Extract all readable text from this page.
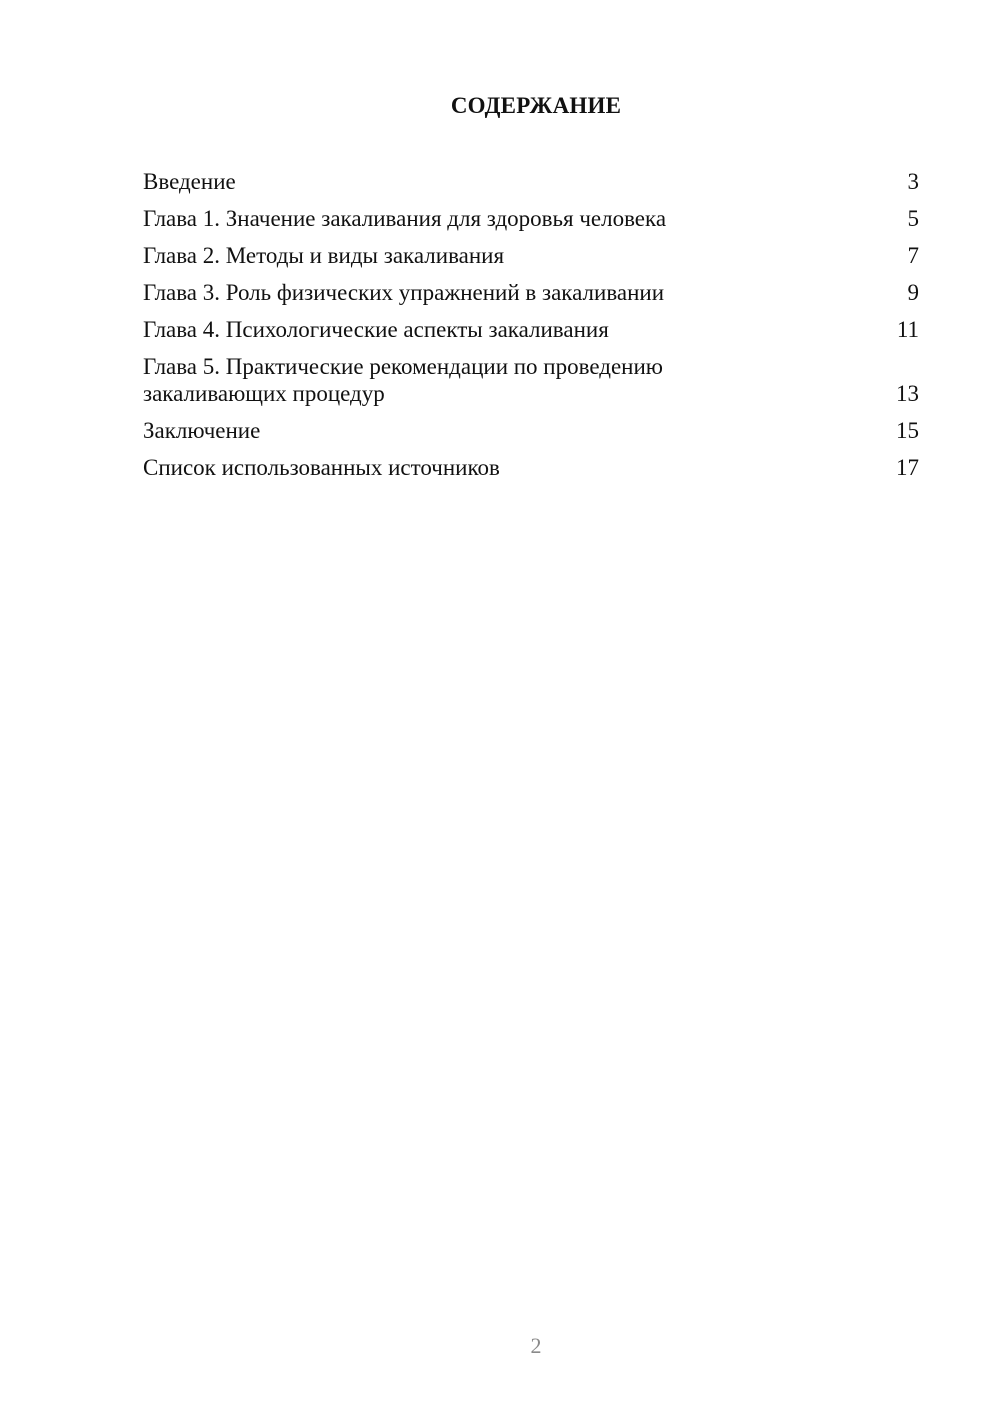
СОДЕРЖАНИЕ
Введение	3
Глава 1. Значение закаливания для здоровья человека	5
Глава 2. Методы и виды закаливания	7
Глава 3. Роль физических упражнений в закаливании	9
Глава 4. Психологические аспекты закаливания	11
Глава 5. Практические рекомендации по проведению закаливающих процедур	13
Заключение	15
Список использованных источников	17
2
